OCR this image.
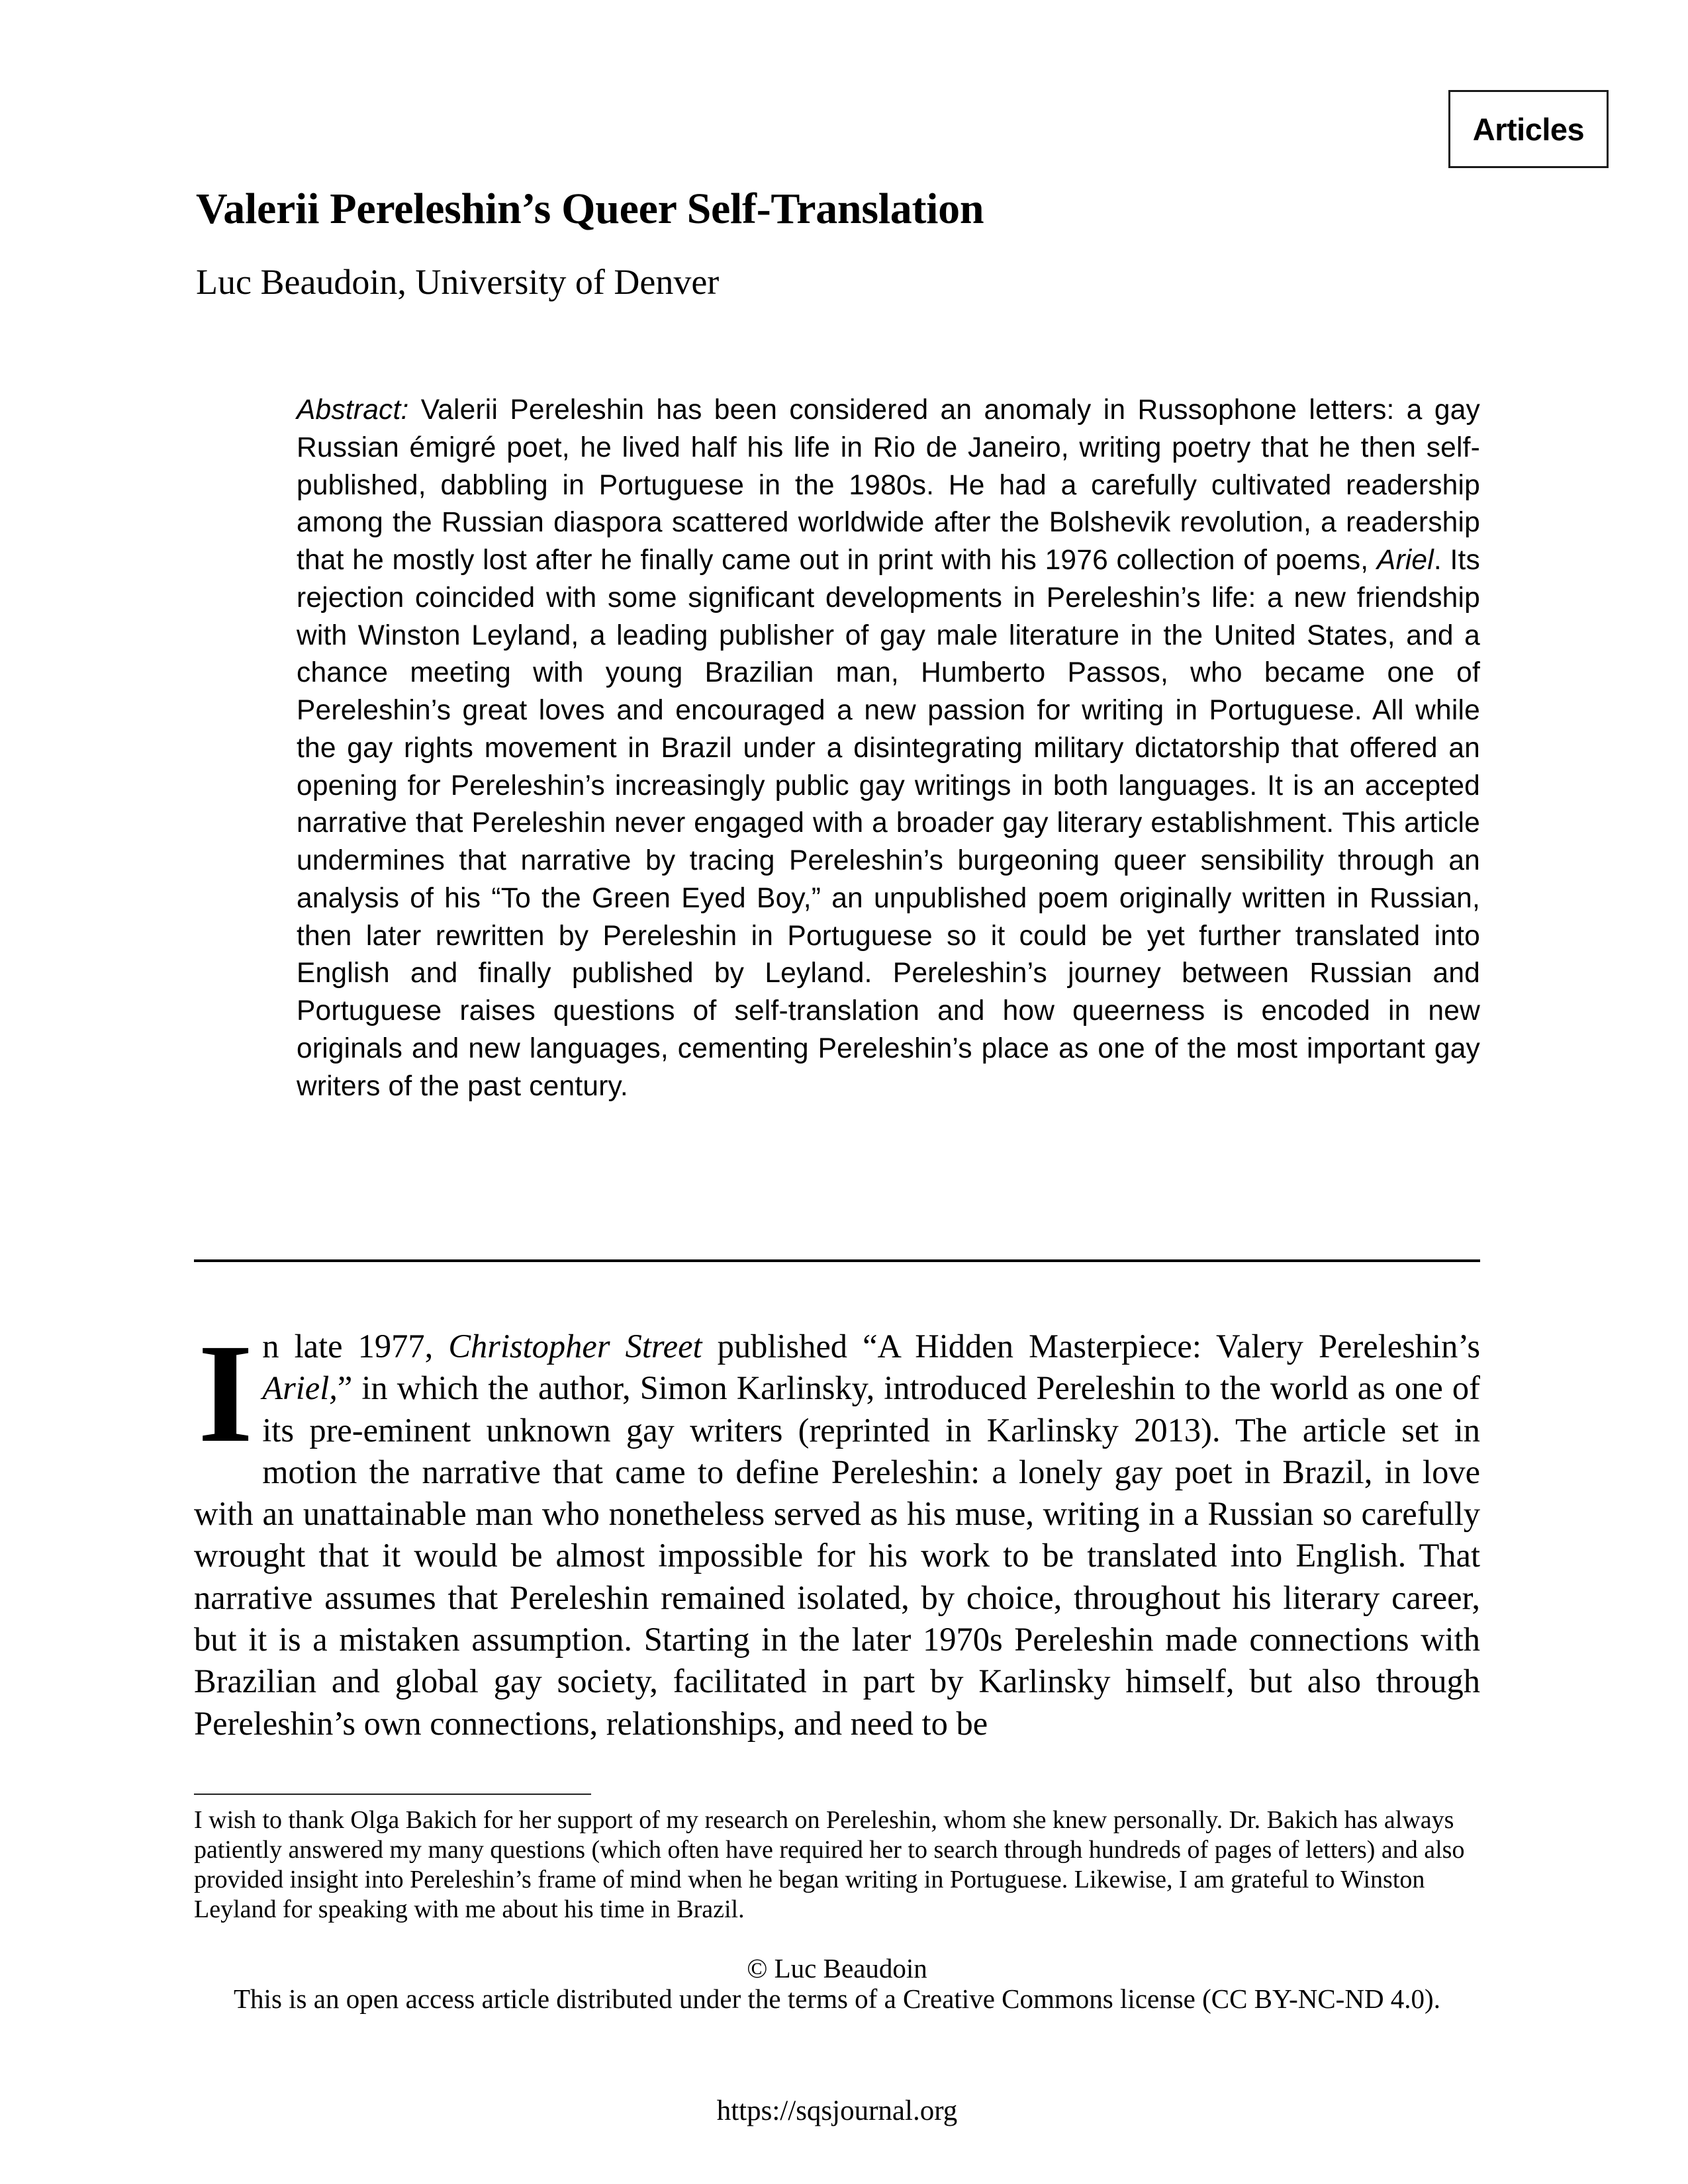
Articles
Valerii Pereleshin’s Queer Self-Translation
Luc Beaudoin, University of Denver

Abstract: Valerii Pereleshin has been considered an anomaly in Russophone letters: a gay Russian émigré poet, he lived half his life in Rio de Janeiro, writing poetry that he then self-published, dabbling in Portuguese in the 1980s. He had a carefully cultivated readership among the Russian diaspora scattered worldwide after the Bolshevik revolution, a readership that he mostly lost after he finally came out in print with his 1976 collection of poems, Ariel. Its rejection coincided with some significant developments in Pereleshin’s life: a new friendship with Winston Leyland, a leading publisher of gay male literature in the United States, and a chance meeting with young Brazilian man, Humberto Passos, who became one of Pereleshin’s great loves and encouraged a new passion for writing in Portuguese. All while the gay rights movement in Brazil under a disintegrating military dictatorship that offered an opening for Pereleshin’s increasingly public gay writings in both languages. It is an accepted narrative that Pereleshin never engaged with a broader gay literary establishment. This article undermines that narrative by tracing Pereleshin’s burgeoning queer sensibility through an analysis of his “To the Green Eyed Boy,” an unpublished poem originally written in Russian, then later rewritten by Pereleshin in Portuguese so it could be yet further translated into English and finally published by Leyland. Pereleshin’s journey between Russian and Portuguese raises questions of self-translation and how queerness is encoded in new originals and new languages, cementing Pereleshin’s place as one of the most important gay writers of the past century.

In late 1977, Christopher Street published “A Hidden Masterpiece: Valery Pereleshin’s Ariel,” in which the author, Simon Karlinsky, introduced Pereleshin to the world as one of its pre-eminent unknown gay writers (reprinted in Karlinsky 2013). The article set in motion the narrative that came to define Pereleshin: a lonely gay poet in Brazil, in love with an unattainable man who nonetheless served as his muse, writing in a Russian so carefully wrought that it would be almost impossible for his work to be translated into English. That narrative assumes that Pereleshin remained isolated, by choice, throughout his literary career, but it is a mistaken assumption. Starting in the later 1970s Pereleshin made connections with Brazilian and global gay society, facilitated in part by Karlinsky himself, but also through Pereleshin’s own connections, relationships, and need to be

I wish to thank Olga Bakich for her support of my research on Pereleshin, whom she knew personally. Dr. Bakich has always patiently answered my many questions (which often have required her to search through hundreds of pages of letters) and also provided insight into Pereleshin’s frame of mind when he began writing in Portuguese. Likewise, I am grateful to Winston Leyland for speaking with me about his time in Brazil.

© Luc Beaudoin

This is an open access article distributed under the terms of a Creative Commons license (CC BY-NC-ND 4.0).

https://sqsjournal.org
